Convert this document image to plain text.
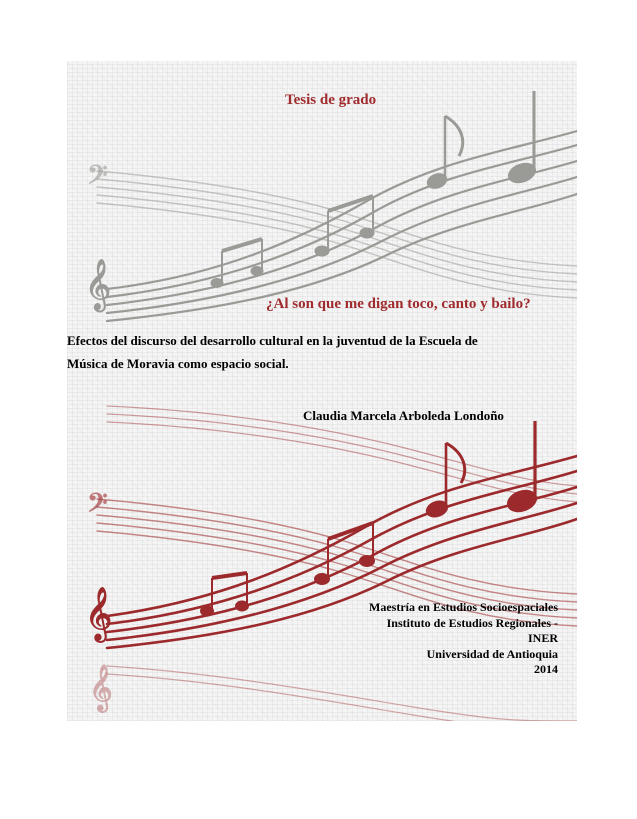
𝄞
𝄢
𝄞
𝄢
𝄞

Tesis de grado

¿Al son que me digan toco, canto y bailo?

Efectos del discurso del desarrollo cultural en la juventud de la Escuela de
Música de Moravia como espacio social.

Claudia Marcela Arboleda Londoño

Maestría en Estudios Socioespaciales
Instituto de Estudios Regionales -
INER
Universidad de Antioquia
2014
